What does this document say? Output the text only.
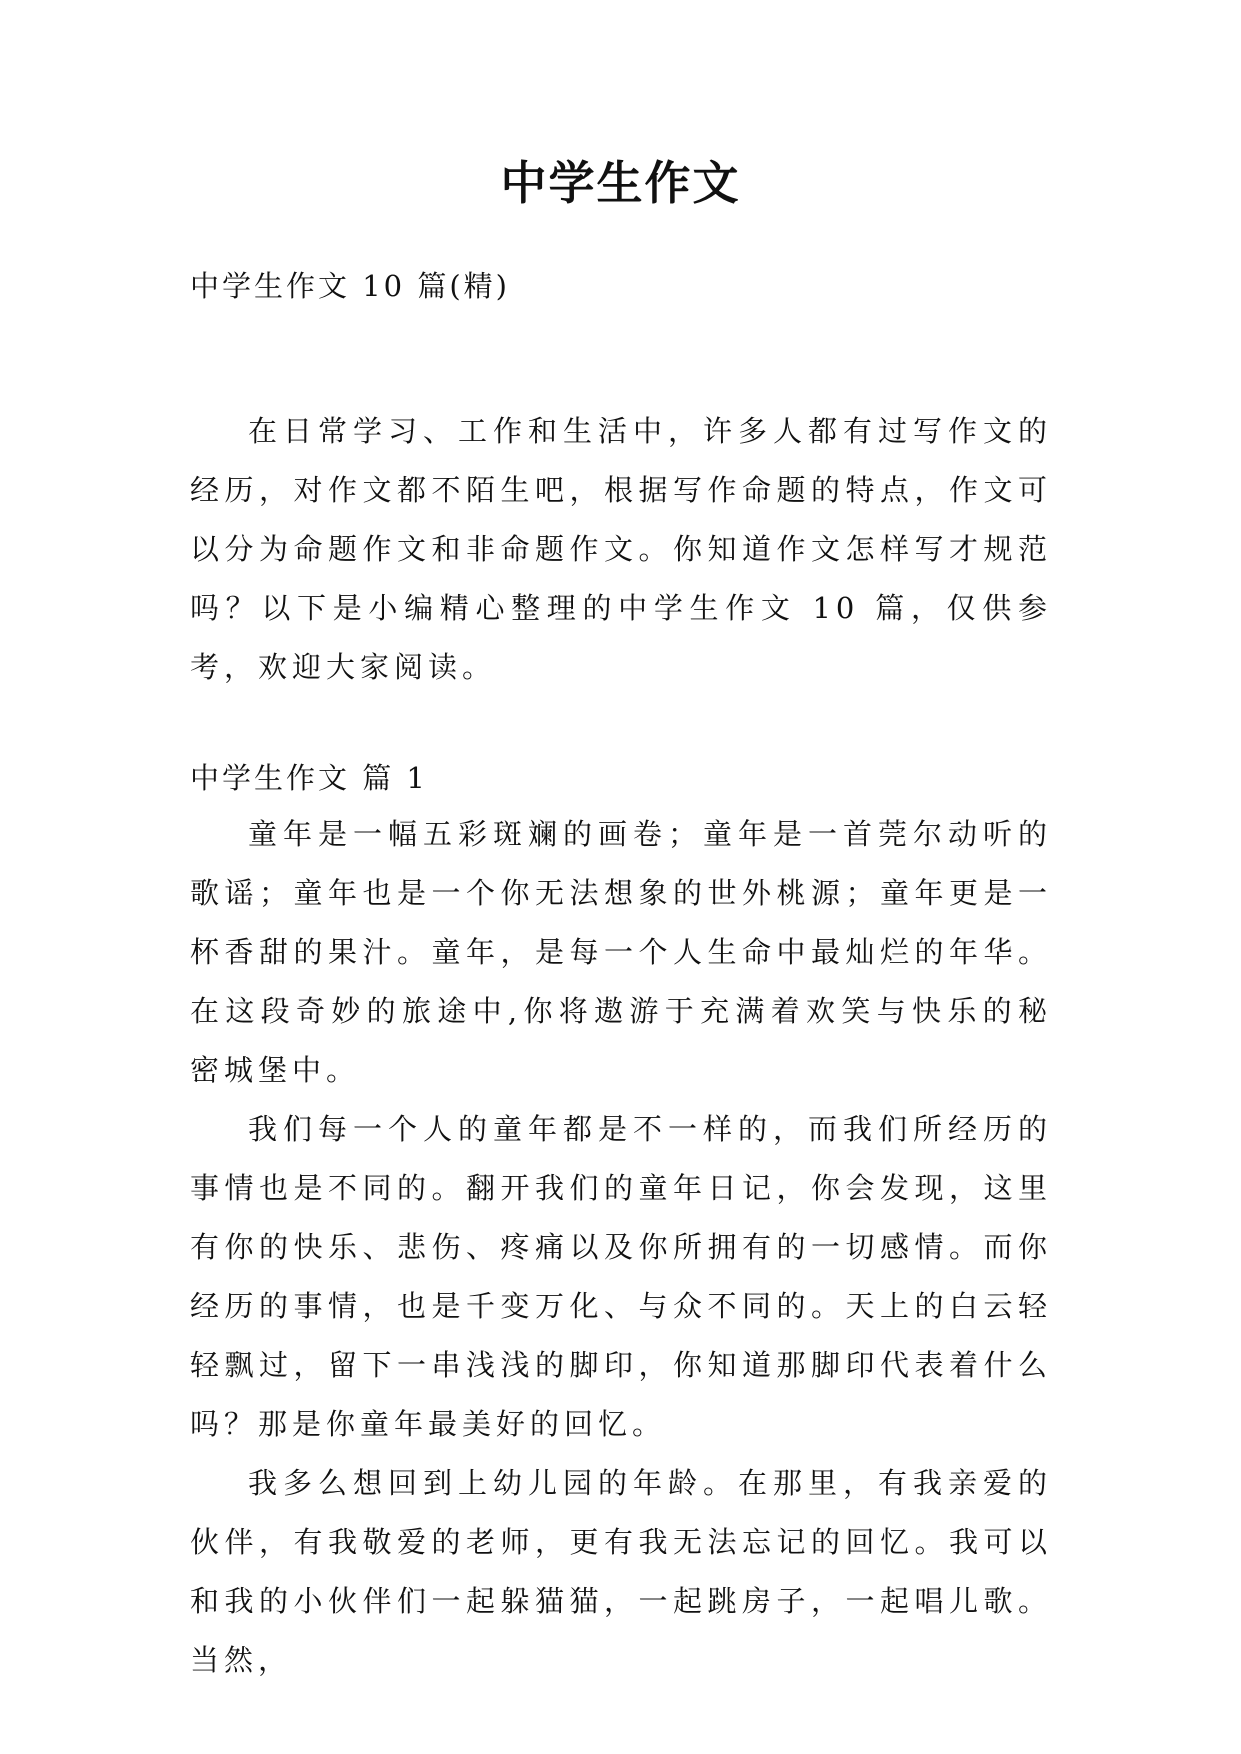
中学生作文
中学生作文 10 篇(精)

在日常学习、工作和生活中，许多人都有过写作文的经历，对作文都不陌生吧，根据写作命题的特点，作文可以分为命题作文和非命题作文。你知道作文怎样写才规范吗？以下是小编精心整理的中学生作文 10 篇，仅供参考，欢迎大家阅读。

中学生作文 篇 1

童年是一幅五彩斑斓的画卷；童年是一首莞尔动听的歌谣；童年也是一个你无法想象的世外桃源；童年更是一杯香甜的果汁。童年，是每一个人生命中最灿烂的年华。在这段奇妙的旅途中,你将遨游于充满着欢笑与快乐的秘密城堡中。

我们每一个人的童年都是不一样的，而我们所经历的事情也是不同的。翻开我们的童年日记，你会发现，这里有你的快乐、悲伤、疼痛以及你所拥有的一切感情。而你经历的事情，也是千变万化、与众不同的。天上的白云轻轻飘过，留下一串浅浅的脚印，你知道那脚印代表着什么吗？那是你童年最美好的回忆。

我多么想回到上幼儿园的年龄。在那里，有我亲爱的伙伴，有我敬爱的老师，更有我无法忘记的回忆。我可以和我的小伙伴们一起躲猫猫，一起跳房子，一起唱儿歌。当然，
